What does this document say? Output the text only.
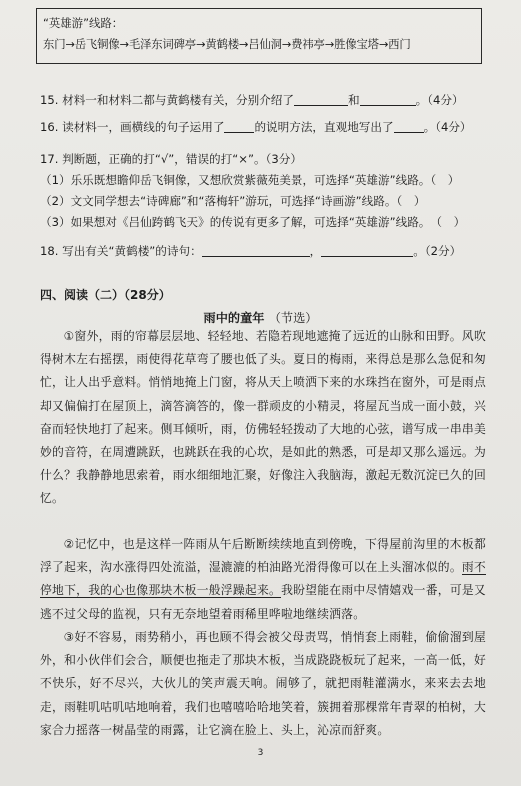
“英雄游”线路：
东门→岳飞铜像→毛泽东词碑亭→黄鹤楼→吕仙洞→费祎亭→胜像宝塔→西门
15. 材料一和材料二都与黄鹤楼有关，分别介绍了	和	。（4分）
16. 读材料一，画横线的句子运用了	的说明方法，直观地写出了	。（4分）
17. 判断题，正确的打“√”，错误的打“×”。（3分）
（1）乐乐既想瞻仰岳飞铜像，又想欣赏紫薇苑美景，可选择“英雄游”线路。（　）
（2）文文同学想去“诗碑廊”和“落梅轩”游玩，可选择“诗画游”线路。（　）
（3）如果想对《吕仙跨鹤飞天》的传说有更多了解，可选择“英雄游”线路。　（　）
18. 写出有关“黄鹤楼”的诗句：	，	。（2分）
四、阅读（二）（28分）
雨中的童年 （节选）
①窗外，雨的帘幕层层地、轻轻地、若隐若现地遮掩了远近的山脉和田野。风吹得树木左右摇摆，雨使得花草弯了腰也低了头。夏日的梅雨，来得总是那么急促和匆忙，让人出乎意料。悄悄地掩上门窗，将从天上喷洒下来的水珠挡在窗外，可是雨点却又偏偏打在屋顶上，滴答滴答的，像一群顽皮的小精灵，将屋瓦当成一面小鼓，兴奋而轻快地打了起来。侧耳倾听，雨，仿佛轻轻拨动了大地的心弦，谱写成一串串美妙的音符，在周遭跳跃，也跳跃在我的心坎，是如此的熟悉，可是却又那么遥远。为什么？我静静地思索着，雨水细细地汇聚，好像注入我脑海，激起无数沉淀已久的回忆。
②记忆中，也是这样一阵雨从午后断断续续地直到傍晚，下得屋前沟里的木板都浮了起来，沟水涨得四处流溢，湿漉漉的柏油路光滑得像可以在上头溜冰似的。雨不停地下，我的心也像那块木板一般浮躁起来。我盼望能在雨中尽情嬉戏一番，可是又逃不过父母的监视，只有无奈地望着雨稀里哗啦地继续洒落。
③好不容易，雨势稍小，再也顾不得会被父母责骂，悄悄套上雨鞋，偷偷溜到屋外，和小伙伴们会合，顺便也拖走了那块木板，当成跷跷板玩了起来，一高一低，好不快乐，好不尽兴，大伙儿的笑声震天响。闹够了，就把雨鞋灌满水，来来去去地走，雨鞋叽咕叽咕地响着，我们也嘻嘻哈哈地笑着，簇拥着那棵常年青翠的柏树，大家合力摇落一树晶莹的雨露，让它滴在脸上、头上，沁凉而舒爽。
3
